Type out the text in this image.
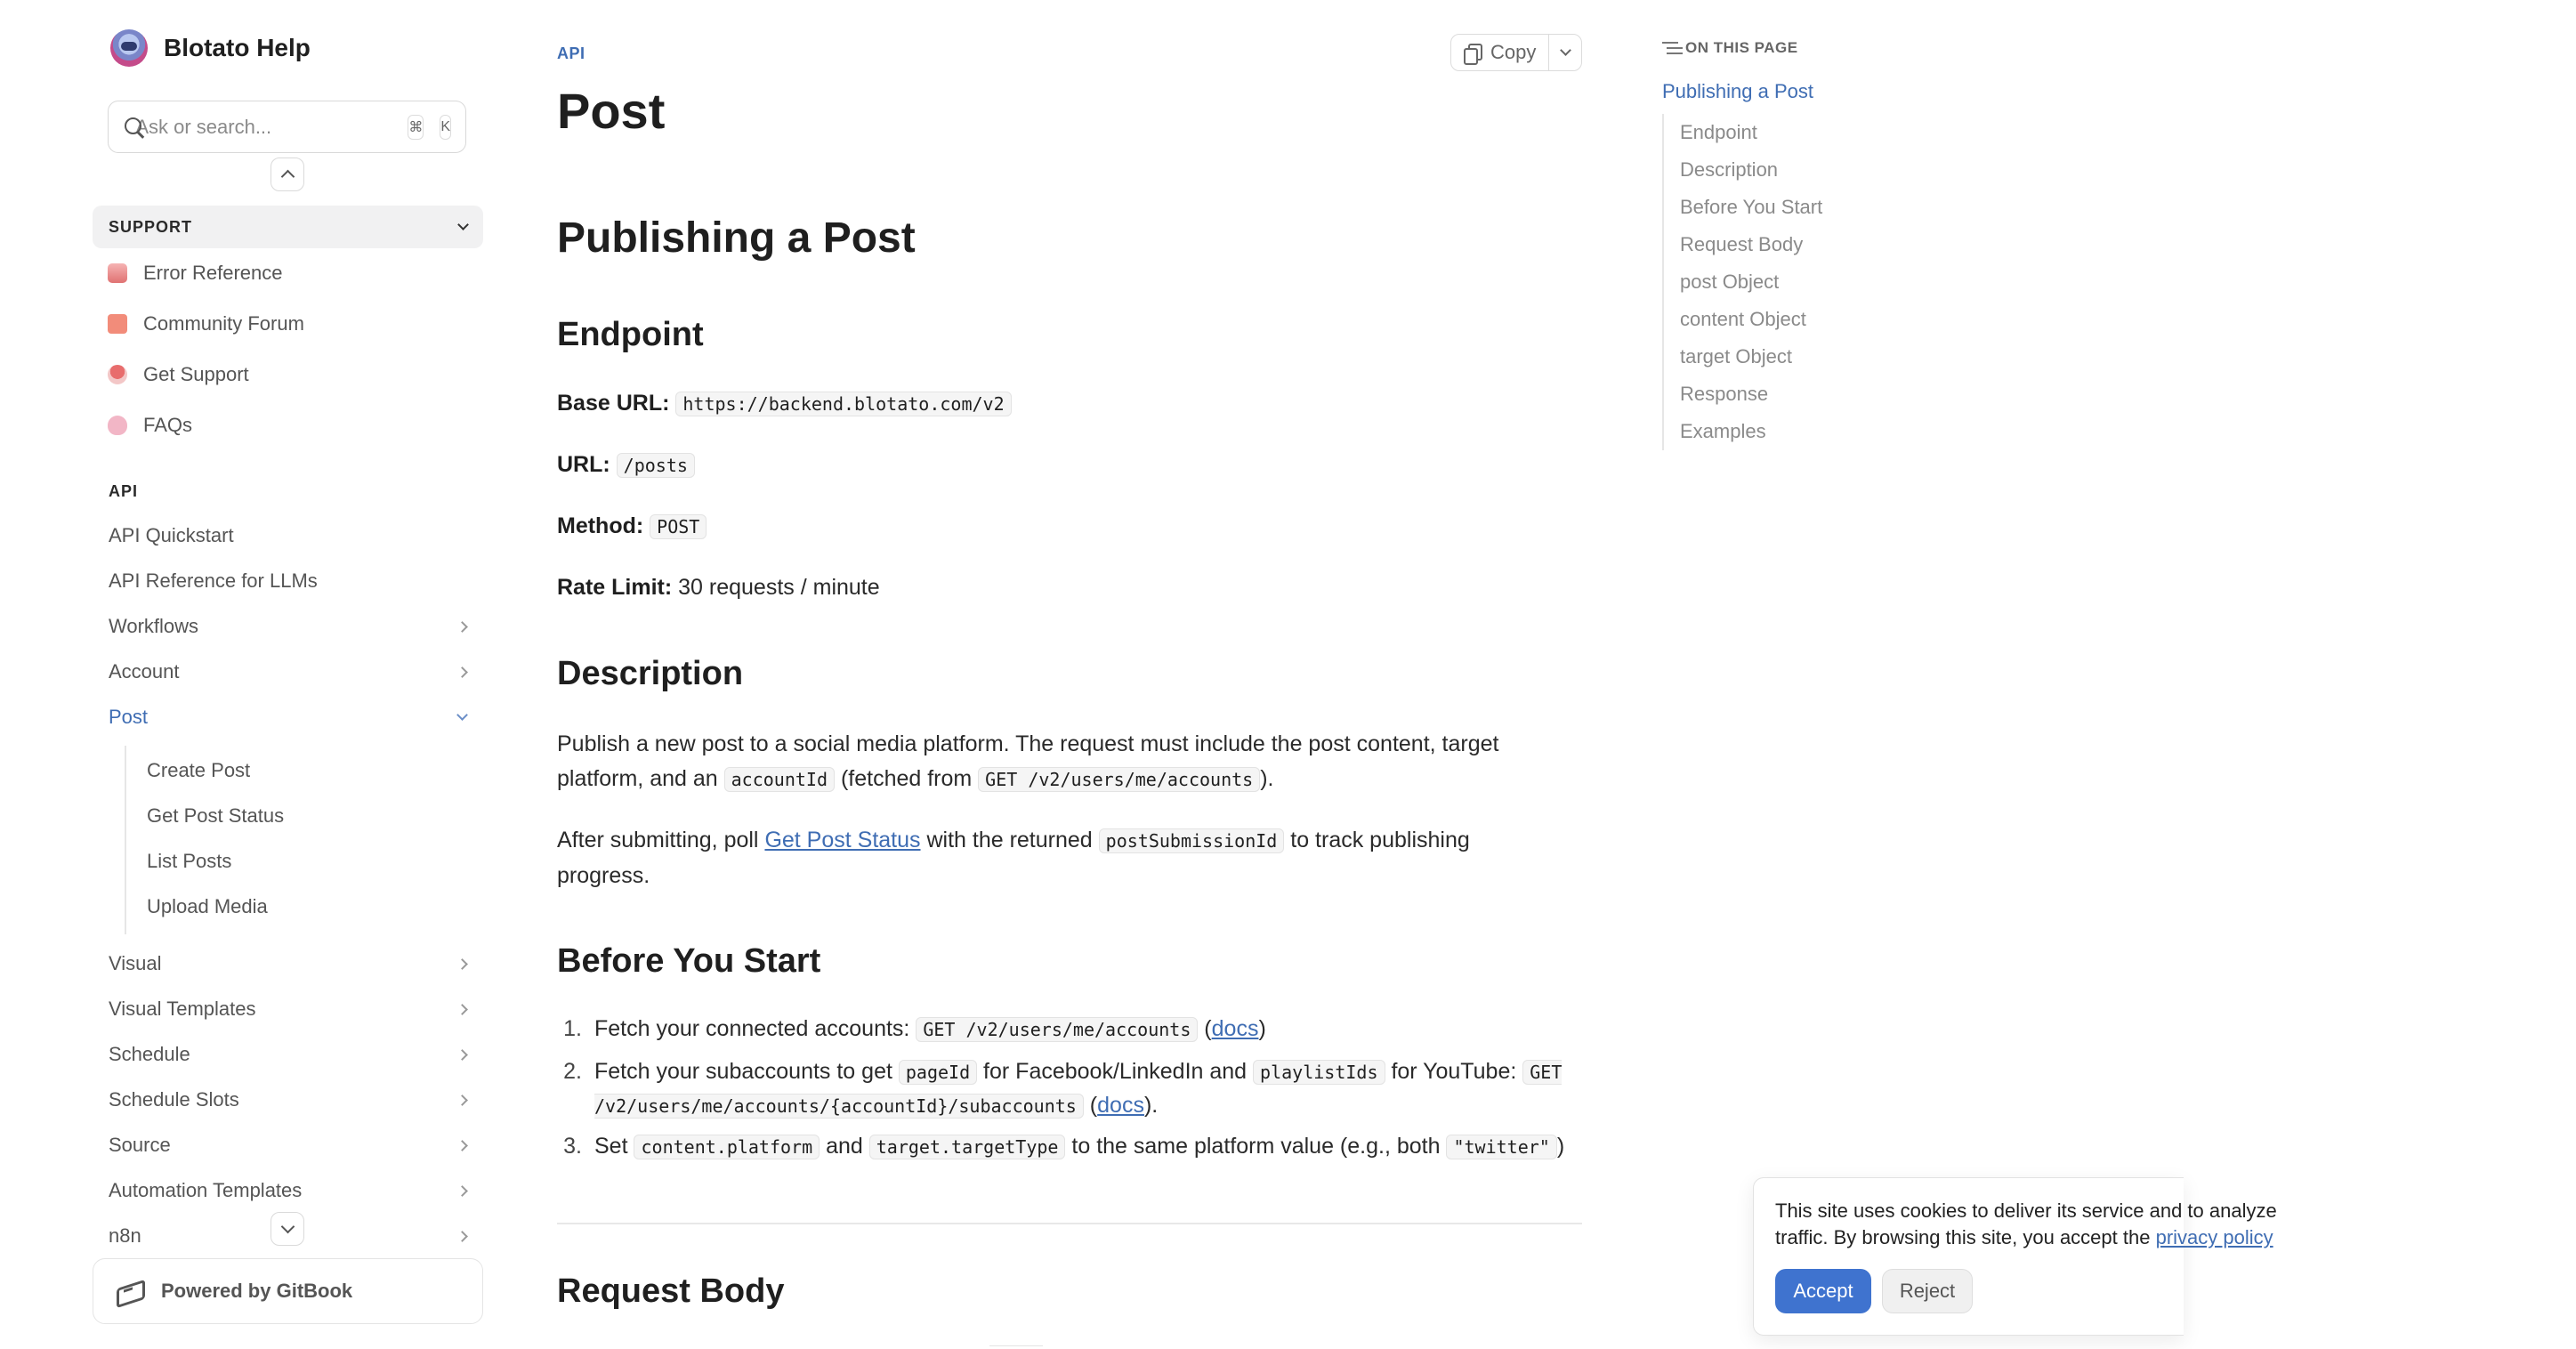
Blotato Help
Ask or search...
⌘ K
SUPPORT
Error Reference
Community Forum
Get Support
FAQs
API
API Quickstart
API Reference for LLMs
Workflows
Account
Post
Create Post
Get Post Status
List Posts
Upload Media
Visual
Visual Templates
Schedule
Schedule Slots
Source
Automation Templates
n8n
Powered by GitBook
API
Post
Copy
Publishing a Post
Endpoint
Base URL: https://backend.blotato.com/v2
URL: /posts
Method: POST
Rate Limit: 30 requests / minute
Description

Publish a new post to a social media platform. The request must include the post content, target platform, and an accountId (fetched from GET /v2/users/me/accounts ).

After submitting, poll Get Post Status with the returned postSubmissionId to track publishing progress.

Before You Start
1. Fetch your connected accounts: GET /v2/users/me/accounts (docs)
2. Fetch your subaccounts to get pageId for Facebook/LinkedIn and playlistIds for YouTube: GET /v2/users/me/accounts/{accountId}/subaccounts (docs).
3. Set content.platform and target.targetType to the same platform value (e.g., both "twitter" )
Request Body
ON THIS PAGE
Publishing a Post
Endpoint
Description
Before You Start
Request Body
post Object
content Object
target Object
Response
Examples
This site uses cookies to deliver its service and to analyze
traffic. By browsing this site, you accept the privacy policy
Accept	Reject
